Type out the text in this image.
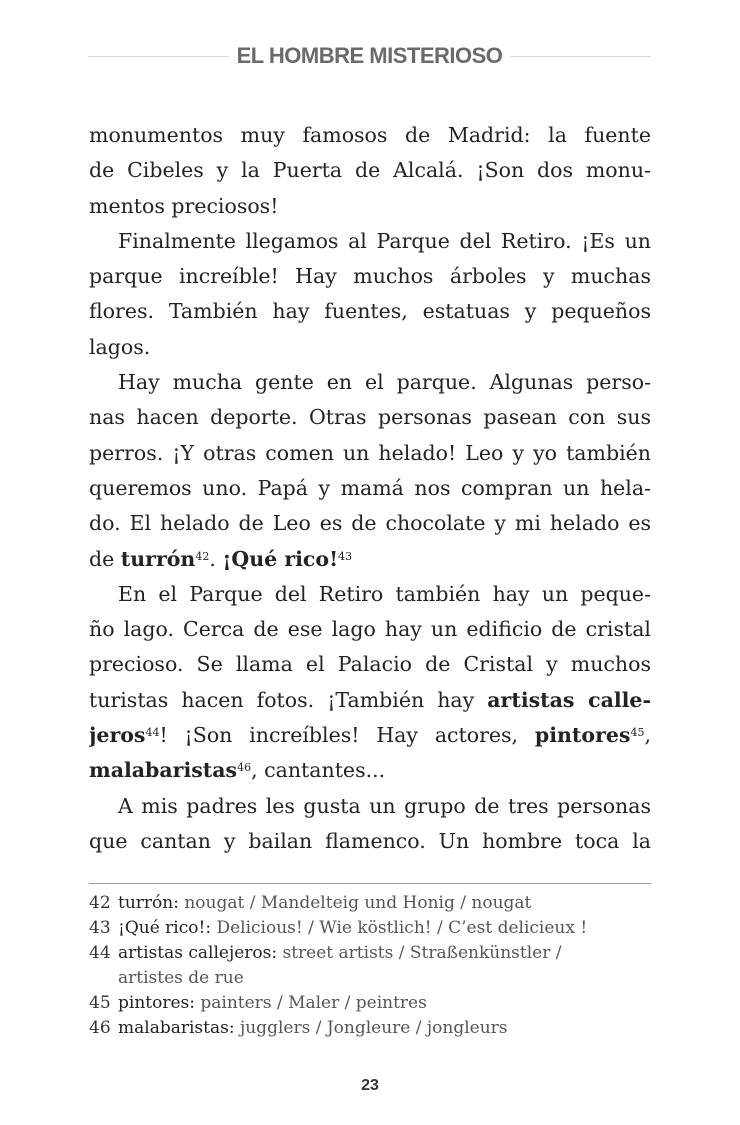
EL HOMBRE MISTERIOSO
monumentos muy famosos de Madrid: la fuente
de Cibeles y la Puerta de Alcalá. ¡Son dos monu-
mentos preciosos!
Finalmente llegamos al Parque del Retiro. ¡Es un
parque increíble! Hay muchos árboles y muchas
flores. También hay fuentes, estatuas y pequeños
lagos.
Hay mucha gente en el parque. Algunas perso-
nas hacen deporte. Otras personas pasean con sus
perros. ¡Y otras comen un helado! Leo y yo también
queremos uno. Papá y mamá nos compran un hela-
do. El helado de Leo es de chocolate y mi helado es
de turrón$^{42}$. ¡Qué rico!$^{43}$
En el Parque del Retiro también hay un peque-
ño lago. Cerca de ese lago hay un edificio de cristal
precioso. Se llama el Palacio de Cristal y muchos
turistas hacen fotos. ¡También hay artistas calle-
jeros$^{44}$! ¡Son increíbles! Hay actores, pintores$^{45}$,
malabaristas$^{46}$, cantantes...
A mis padres les gusta un grupo de tres personas
que cantan y bailan flamenco. Un hombre toca la
42 turrón: nougat / Mandelteig und Honig / nougat
43 ¡Qué rico!: Delicious! / Wie köstlich! / C’est delicieux !
44 artistas callejeros: street artists / Straßenkünstler /
artistes de rue
45 pintores: painters / Maler / peintres
46 malabaristas: jugglers / Jongleure / jongleurs
23
